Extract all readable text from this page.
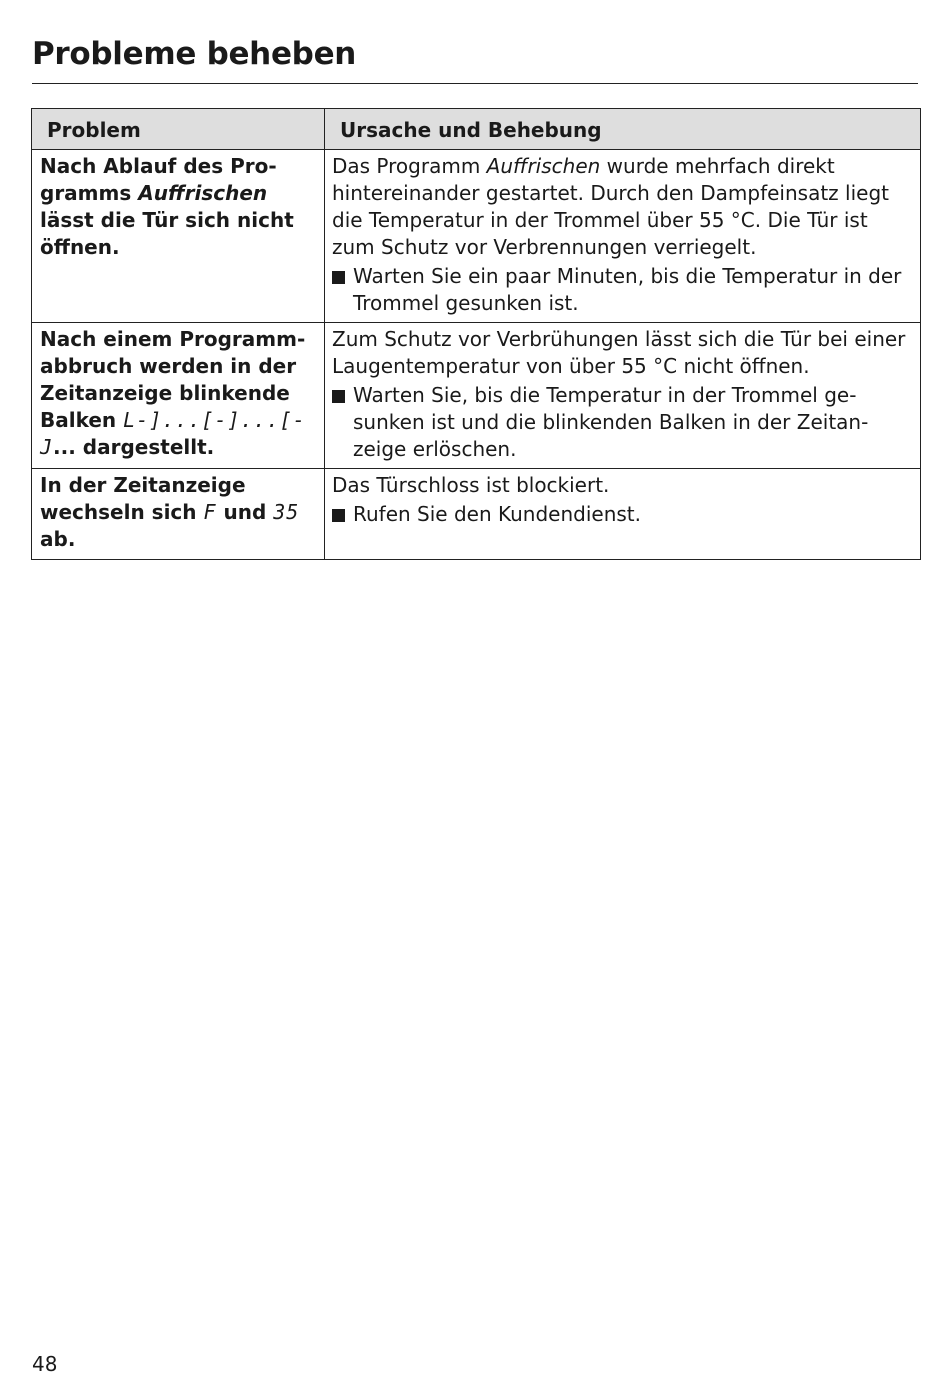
Probleme beheben
Problem	Ursache und Behebung
Nach Ablauf des Programms Auffrischen lässt die Tür sich nicht öffnen.	Das Programm Auffrischen wurde mehrfach direkt hintereinander gestartet. Durch den Dampfeinsatz liegt die Temperatur in der Trommel über 55 °C. Die Tür ist zum Schutz vor Verbrennungen verriegelt.
Warten Sie ein paar Minuten, bis die Temperatur in der Trommel gesunken ist.

Nach einem Programmabbruch werden in der Zeitanzeige blinkende Balken L-]...[-]...[-J... dargestellt.	Zum Schutz vor Verbrühungen lässt sich die Tür bei einer Laugentemperatur von über 55 °C nicht öffnen.
Warten Sie, bis die Temperatur in der Trommel gesunken ist und die blinkenden Balken in der Zeitanzeige erlöschen.

In der Zeitanzeige wechseln sich F und 35 ab.	Das Türschloss ist blockiert.
Rufen Sie den Kundendienst.
48
